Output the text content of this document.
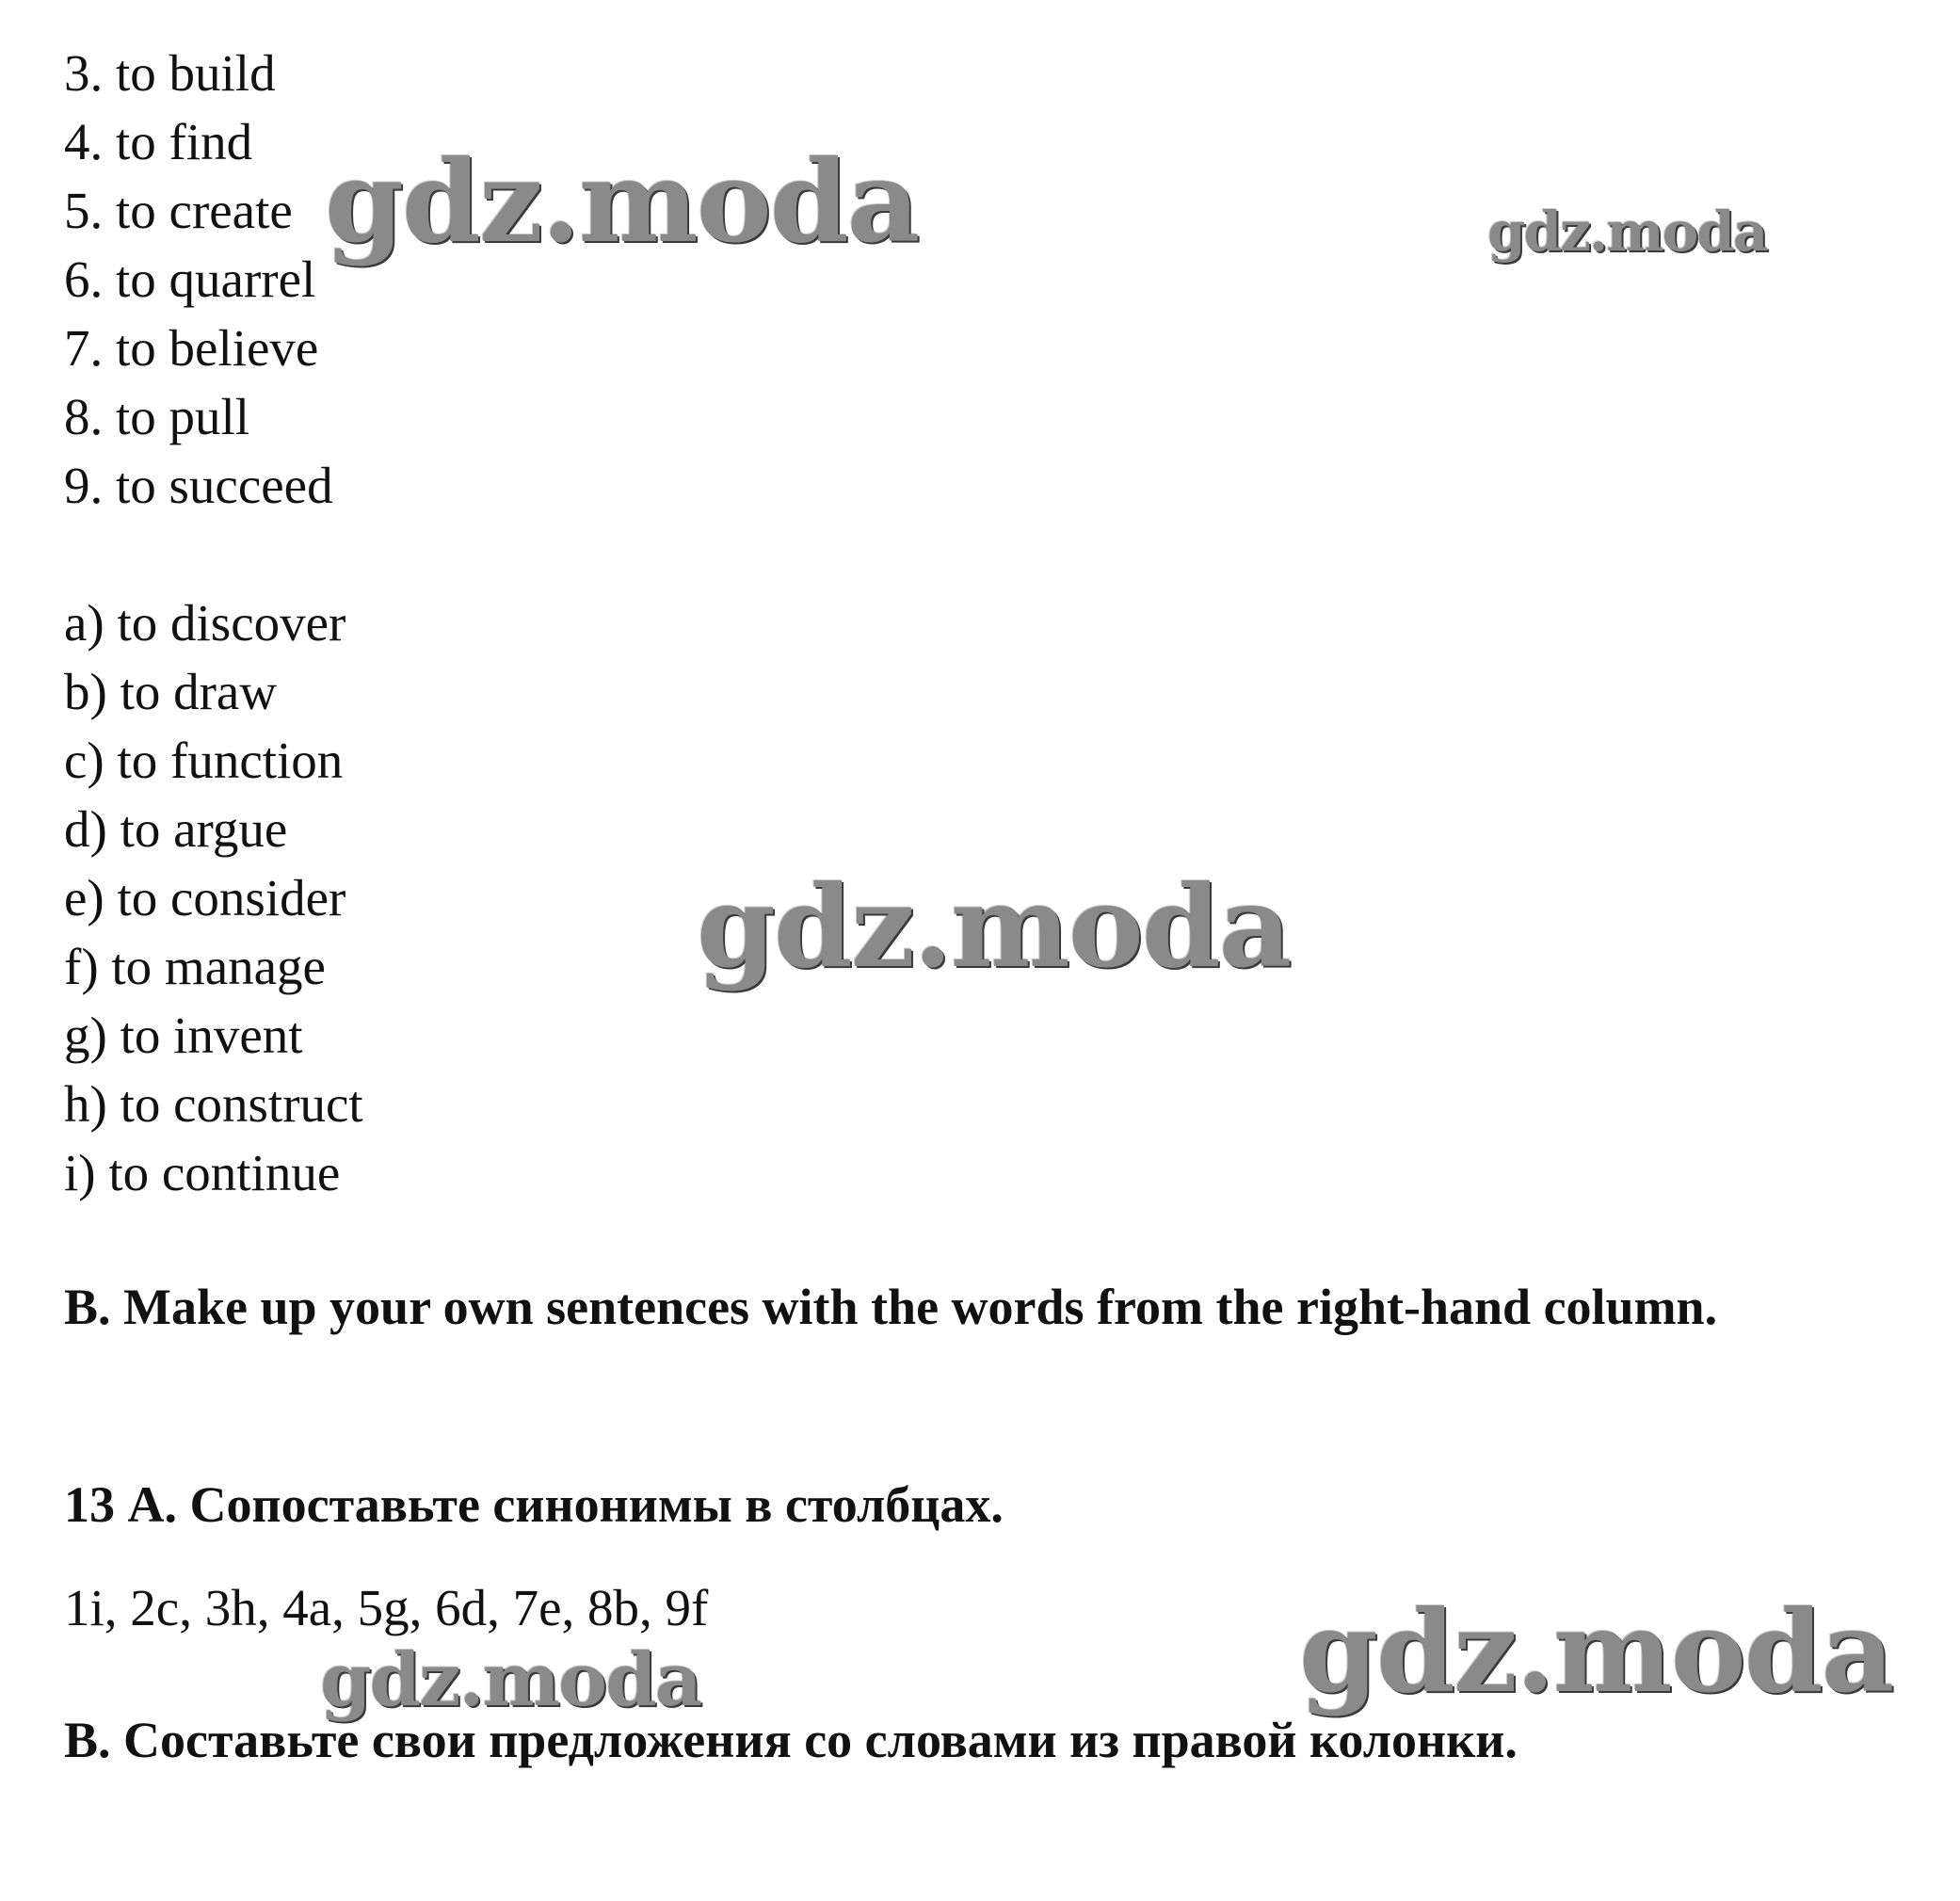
3. to build
4. to find
5. to create
6. to quarrel
7. to believe
8. to pull
9. to succeed
a) to discover
b) to draw
c) to function
d) to argue
e) to consider
f) to manage
g) to invent
h) to construct
i) to continue
B. Make up your own sentences with the words from the right-hand column.
13 А. Сопоставьте синонимы в столбцах.
1i, 2c, 3h, 4a, 5g, 6d, 7e, 8b, 9f
В. Составьте свои предложения со словами из правой колонки.
gdz.moda	gdz.moda
gdz.moda
gdz.moda
gdz.moda
